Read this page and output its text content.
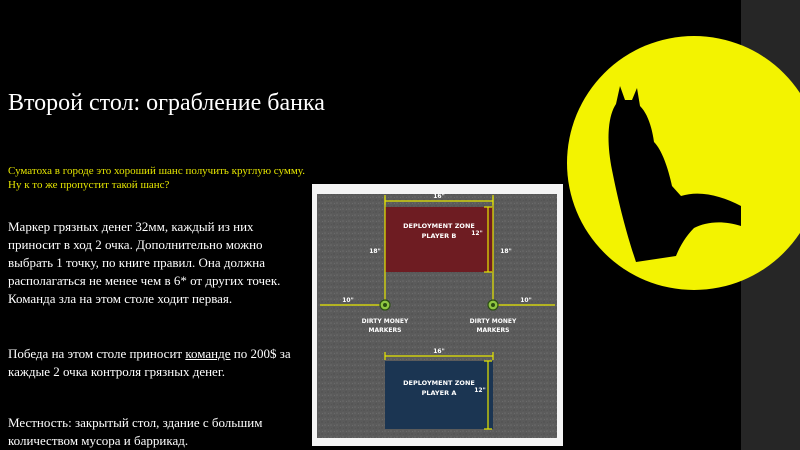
Второй стол: ограбление банка

Суматоха в городе это хороший шанс получить круглую сумму. Ну к то же пропустит такой шанс?

Маркер грязных денег 32мм, каждый из них приносит в ход 2 очка. Дополнительно можно выбрать 1 точку, по книге правил. Она должна располагаться не менее чем в 6* от других точек. Команда зла на этом столе ходит первая.

Победа на этом столе приносит команде по 200$ за каждые 2 очка контроля грязных денег.

Местность: закрытый стол, здание с большим количеством мусора и баррикад.

DEPLOYMENT ZONE
PLAYER B
DEPLOYMENT ZONE
PLAYER A
16"
12"
18"	18"
10"	10"
16"
12"
DIRTY MONEY
MARKERS
DIRTY MONEY
MARKERS
